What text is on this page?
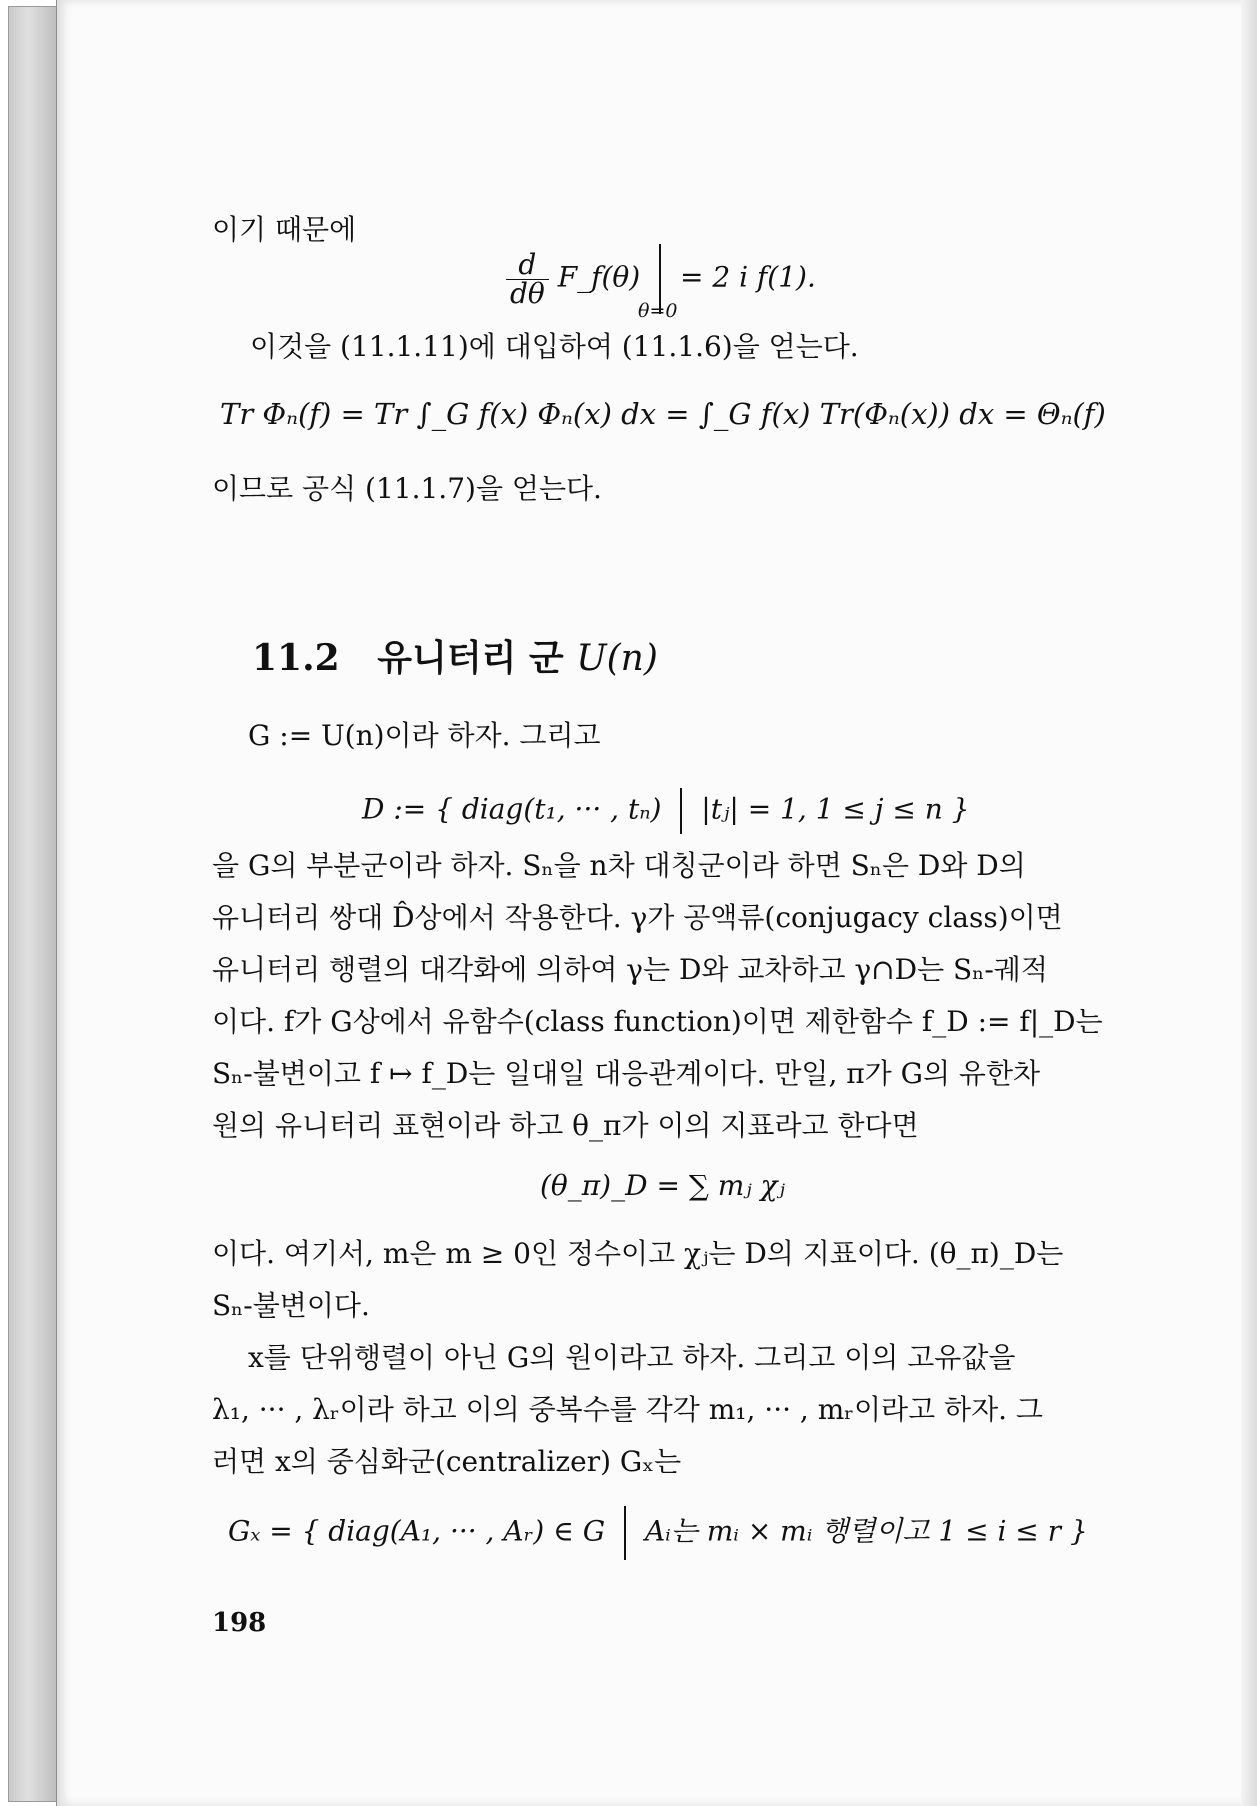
이기 때문에
$\frac{d}{d\theta}$ F_f(θ) = 2 i f(1).
θ=0
이것을 (11.1.11)에 대입하여 (11.1.6)을 얻는다.
Tr Φₙ(f) = Tr ∫_G f(x) Φₙ(x) dx = ∫_G f(x) Tr(Φₙ(x)) dx = Θₙ(f)
이므로 공식 (11.1.7)을 얻는다.
11.2 유니터리 군 U(n)
G := U(n)이라 하자. 그리고
D := { diag(t₁, ··· , tₙ) |tⱼ| = 1, 1 ≤ j ≤ n }
을 G의 부분군이라 하자. Sₙ을 n차 대칭군이라 하면 Sₙ은 D와 D의
유니터리 쌍대 D̂상에서 작용한다. γ가 공액류(conjugacy class)이면
유니터리 행렬의 대각화에 의하여 γ는 D와 교차하고 γ∩D는 Sₙ-궤적
이다. f가 G상에서 유함수(class function)이면 제한함수 f_D := f|_D는
Sₙ-불변이고 f ↦ f_D는 일대일 대응관계이다. 만일, π가 G의 유한차
원의 유니터리 표현이라 하고 θ_π가 이의 지표라고 한다면
(θ_π)_D = ∑ mⱼ χⱼ
이다. 여기서, m은 m ≥ 0인 정수이고 χⱼ는 D의 지표이다. (θ_π)_D는
Sₙ-불변이다.
x를 단위행렬이 아닌 G의 원이라고 하자. 그리고 이의 고유값을
λ₁, ··· , λᵣ이라 하고 이의 중복수를 각각 m₁, ··· , mᵣ이라고 하자. 그
러면 x의 중심화군(centralizer) Gₓ는
Gₓ = { diag(A₁, ··· , Aᵣ) ∈ G Aᵢ는 mᵢ × mᵢ 행렬이고 1 ≤ i ≤ r }
198
